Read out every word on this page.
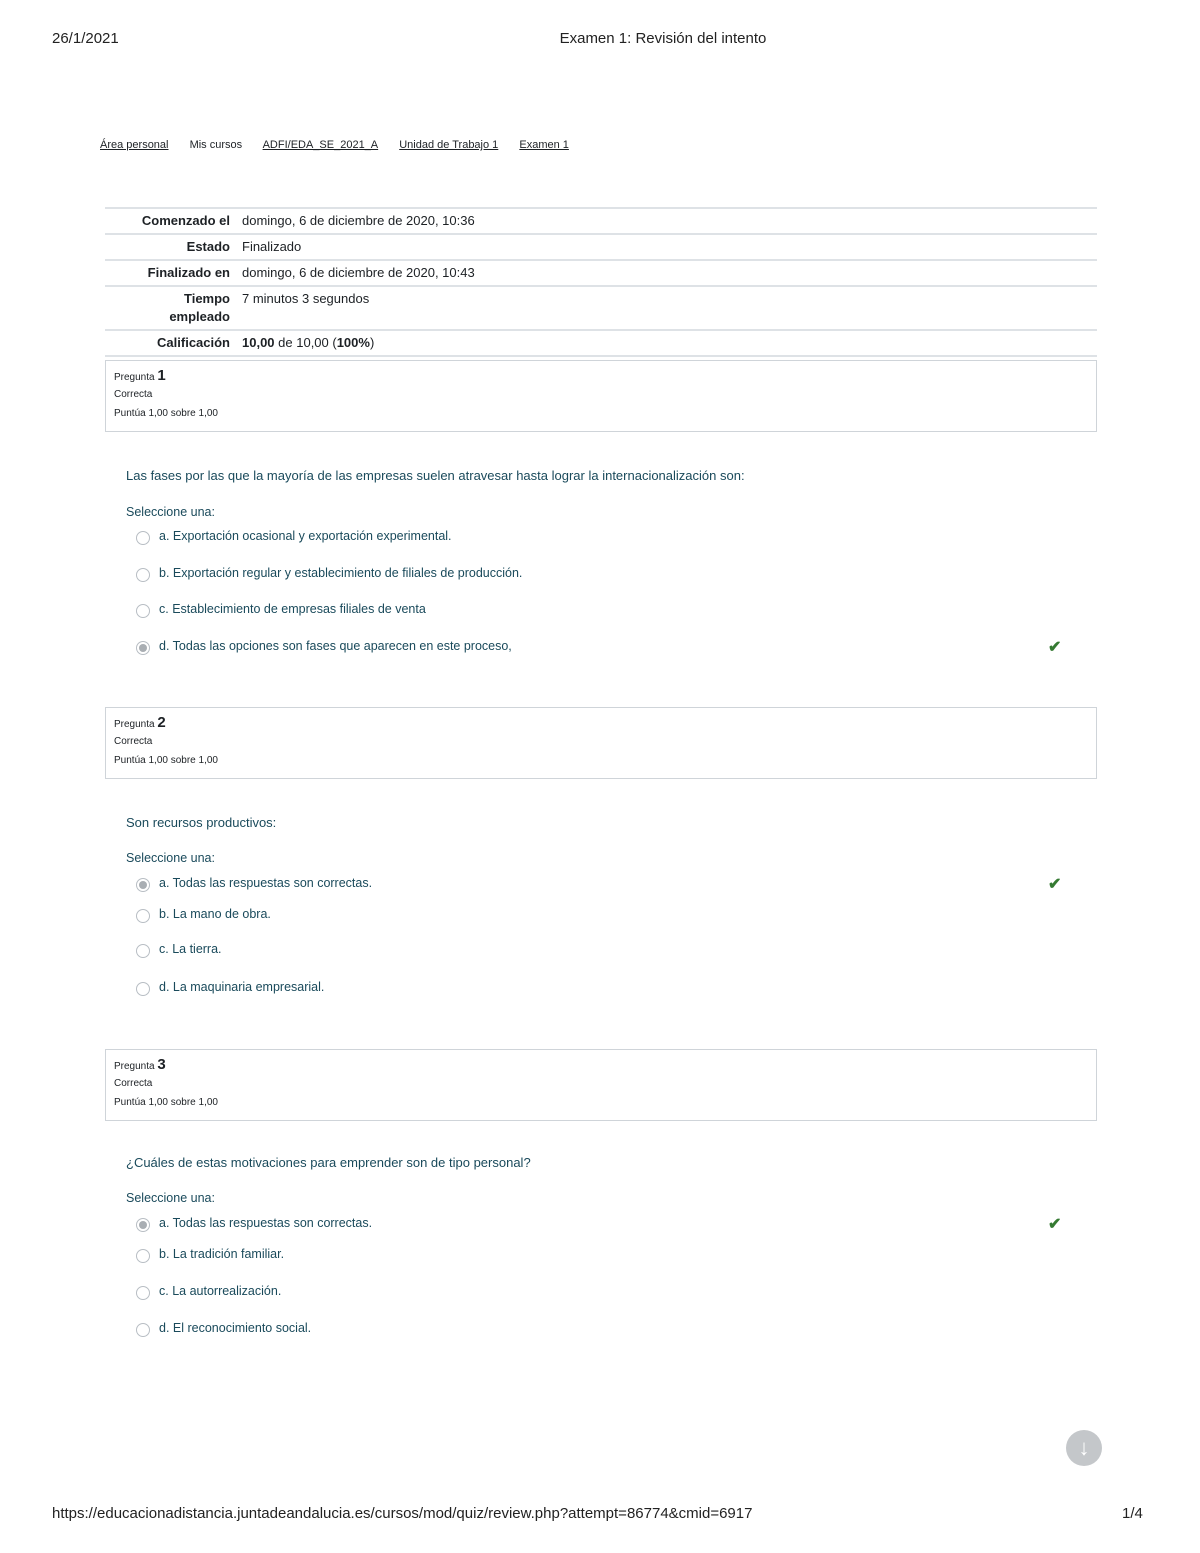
26/1/2021	Examen 1: Revisión del intento
Área personal Mis cursos ADFI/EDA_SE_2021_A Unidad de Trabajo 1 Examen 1
Comenzado el	domingo, 6 de diciembre de 2020, 10:36
Estado	Finalizado
Finalizado en	domingo, 6 de diciembre de 2020, 10:43
Tiempo empleado	7 minutos 3 segundos
Calificación	10,00 de 10,00 (100%)
Pregunta 1
Correcta
Puntúa 1,00 sobre 1,00
Las fases por las que la mayoría de las empresas suelen atravesar hasta lograr la internacionalización son:
Seleccione una:
a. Exportación ocasional y exportación experimental.
b. Exportación regular y establecimiento de filiales de producción.
c. Establecimiento de empresas filiales de venta
d. Todas las opciones son fases que aparecen en este proceso,	✔
Pregunta 2
Correcta
Puntúa 1,00 sobre 1,00
Son recursos productivos:
Seleccione una:
a. Todas las respuestas son correctas.	✔
b. La mano de obra.
c. La tierra.
d. La maquinaria empresarial.
Pregunta 3
Correcta
Puntúa 1,00 sobre 1,00
¿Cuáles de estas motivaciones para emprender son de tipo personal?
Seleccione una:
a. Todas las respuestas son correctas.	✔
b. La tradición familiar.
c. La autorrealización.
d. El reconocimiento social.
↓
https://educacionadistancia.juntadeandalucia.es/cursos/mod/quiz/review.php?attempt=86774&cmid=6917	1/4
